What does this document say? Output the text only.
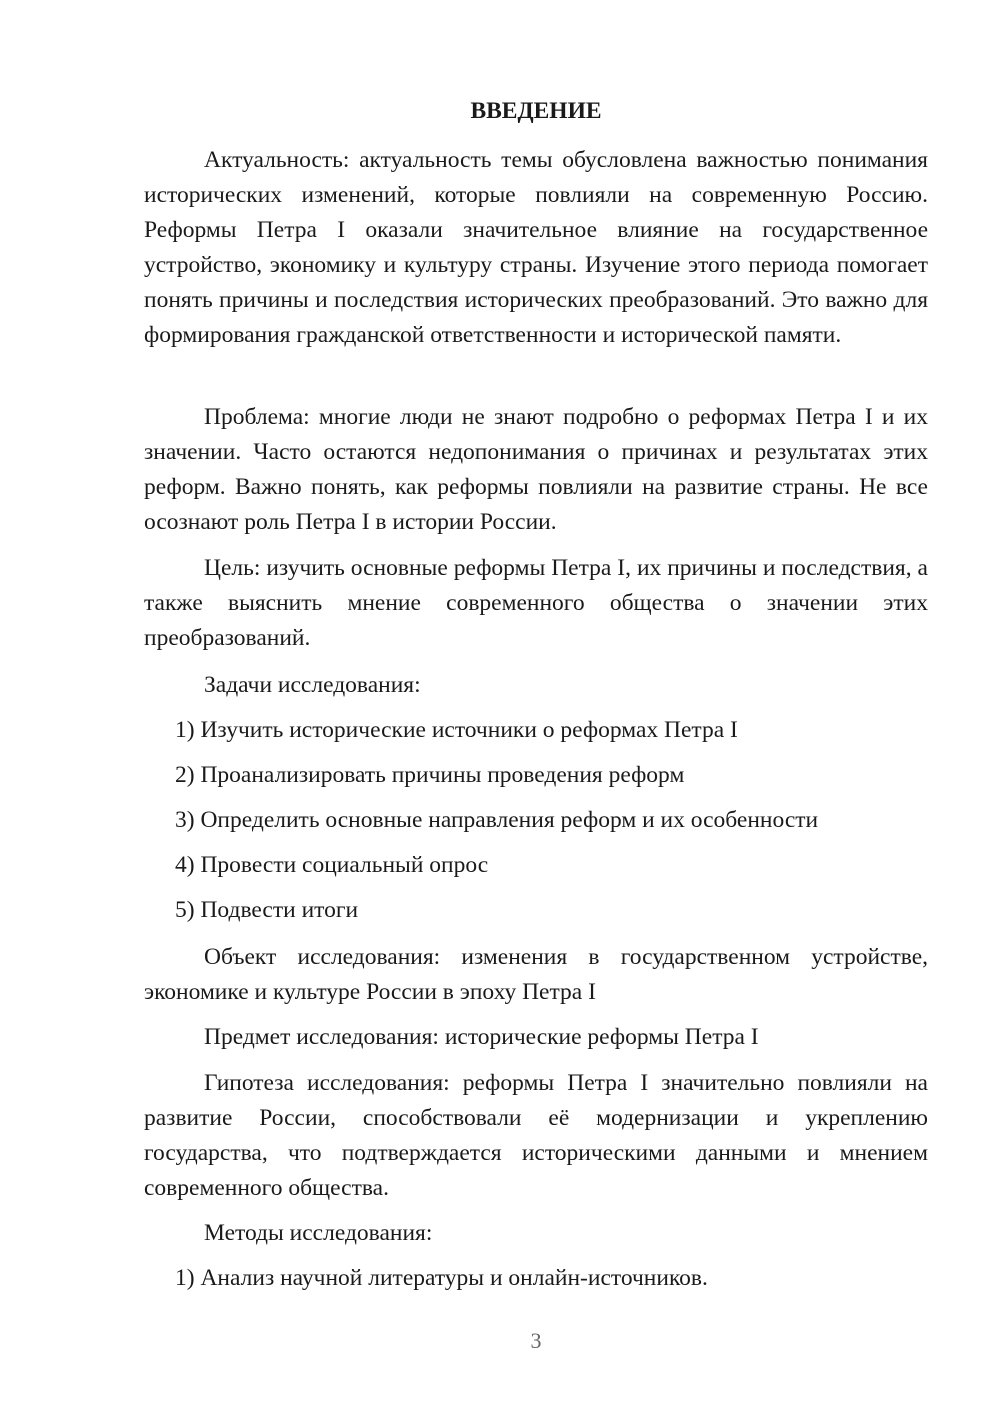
ВВЕДЕНИЕ

Актуальность: актуальность темы обусловлена важностью понимания исторических изменений, которые повлияли на современную Россию. Реформы Петра I оказали значительное влияние на государственное устройство, экономику и культуру страны. Изучение этого периода помогает понять причины и последствия исторических преобразований. Это важно для формирования гражданской ответственности и исторической памяти.

Проблема: многие люди не знают подробно о реформах Петра I и их значении. Часто остаются недопонимания о причинах и результатах этих реформ. Важно понять, как реформы повлияли на развитие страны. Не все осознают роль Петра I в истории России.

Цель: изучить основные реформы Петра I, их причины и последствия, а также выяснить мнение современного общества о значении этих преобразований.

Задачи исследования:

1) Изучить исторические источники о реформах Петра I

2) Проанализировать причины проведения реформ

3) Определить основные направления реформ и их особенности

4) Провести социальный опрос

5) Подвести итоги

Объект исследования: изменения в государственном устройстве, экономике и культуре России в эпоху Петра I

Предмет исследования: исторические реформы Петра I

Гипотеза исследования: реформы Петра I значительно повлияли на развитие России, способствовали её модернизации и укреплению государства, что подтверждается историческими данными и мнением современного общества.

Методы исследования:

1) Анализ научной литературы и онлайн-источников.

3
